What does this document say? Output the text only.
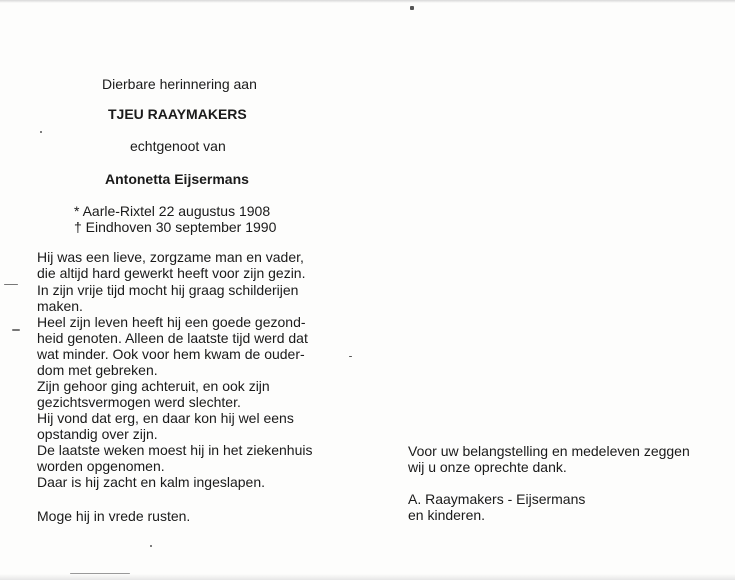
Dierbare herinnering aan
TJEU RAAYMAKERS
echtgenoot van
Antonetta Eijsermans
* Aarle-Rixtel 22 augustus 1908
† Eindhoven 30 september 1990
Hij was een lieve, zorgzame man en vader,
die altijd hard gewerkt heeft voor zijn gezin.
In zijn vrije tijd mocht hij graag schilderijen
maken.
Heel zijn leven heeft hij een goede gezond-
heid genoten. Alleen de laatste tijd werd dat
wat minder. Ook voor hem kwam de ouder-
dom met gebreken.
Zijn gehoor ging achteruit, en ook zijn
gezichtsvermogen werd slechter.
Hij vond dat erg, en daar kon hij wel eens
opstandig over zijn.
De laatste weken moest hij in het ziekenhuis
worden opgenomen.
Daar is hij zacht en kalm ingeslapen.
Moge hij in vrede rusten.
Voor uw belangstelling en medeleven zeggen
wij u onze oprechte dank.
A. Raaymakers - Eijsermans
en kinderen.
